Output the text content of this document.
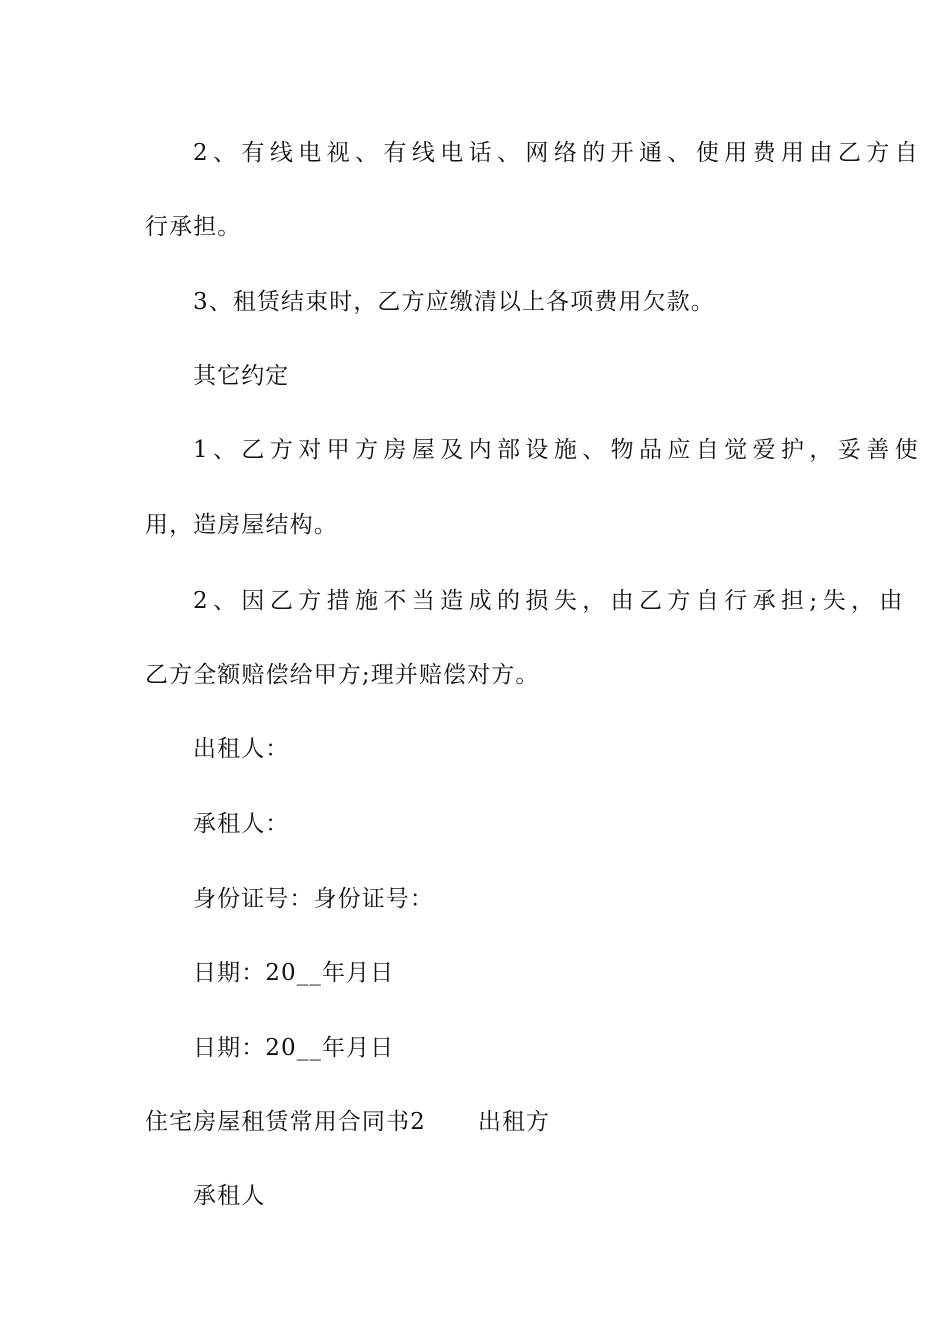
2、有线电视、有线电话、网络的开通、使用费用由乙方自
行承担。
3、租赁结束时，乙方应缴清以上各项费用欠款。
其它约定
1、乙方对甲方房屋及内部设施、物品应自觉爱护，妥善使
用，造房屋结构。
2、因乙方措施不当造成的损失，由乙方自行承担;失，由
乙方全额赔偿给甲方;理并赔偿对方。
出租人：
承租人：
身份证号：身份证号：
日期：20__年月日
日期：20__年月日
住宅房屋租赁常用合同书2 出租方
承租人
